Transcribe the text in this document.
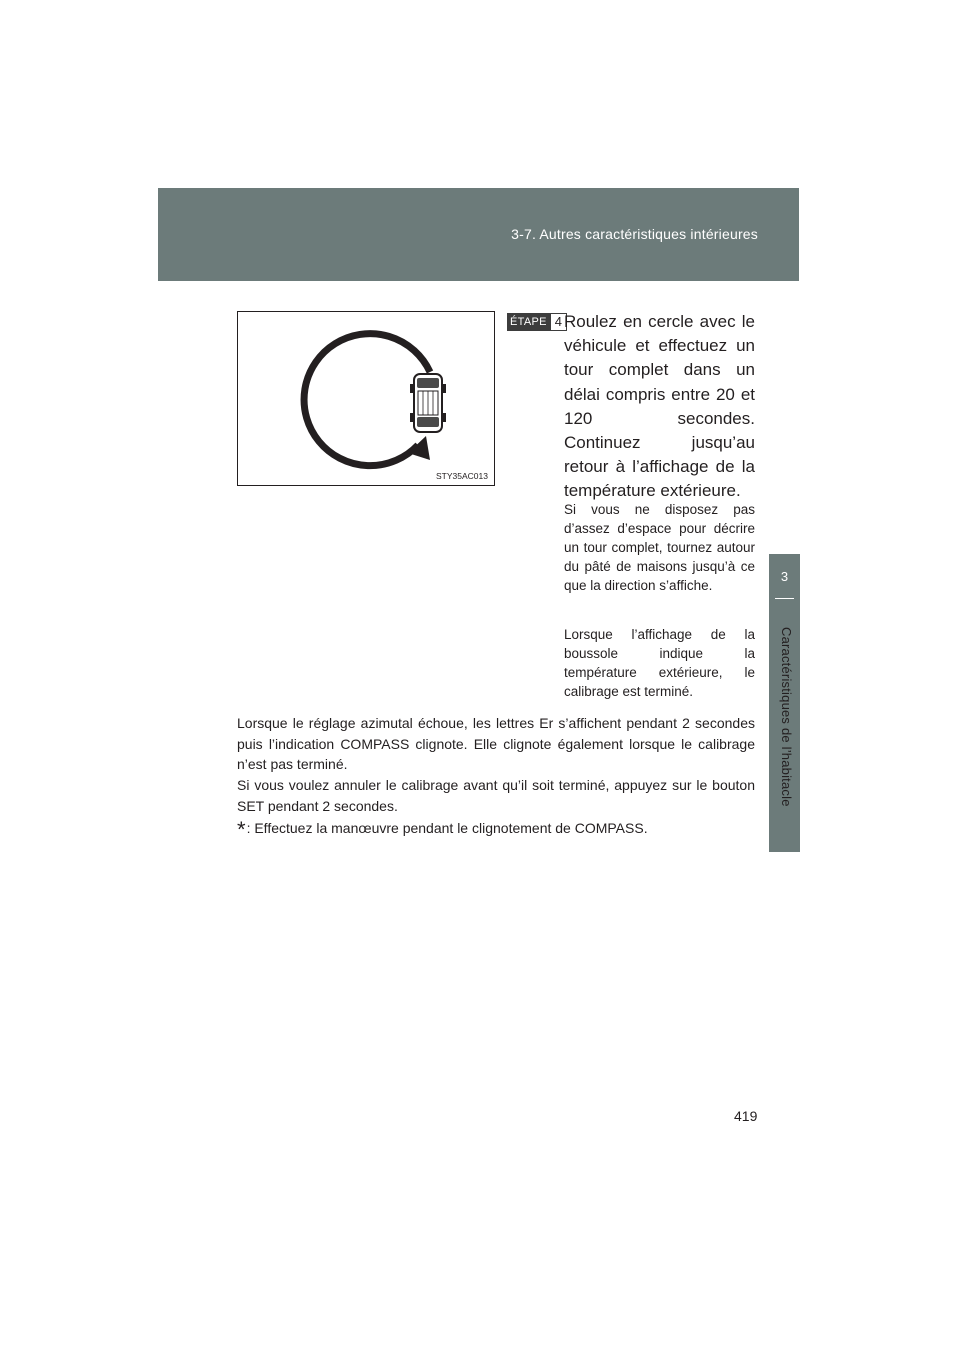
3-7. Autres caractéristiques intérieures
3
Caractéristiques de l’habitacle
STY35AC013
ÉTAPE 4 Roulez en cercle avec le véhicule et effectuez un tour complet dans un délai compris entre 20 et 120 secondes. Continuez jusqu’au retour à l’affichage de la température extérieure.

Si vous ne disposez pas d’assez d’espace pour décrire un tour complet, tournez autour du pâté de maisons jusqu’à ce que la direction s’affiche.

Lorsque l’affichage de la boussole indique la température extérieure, le calibrage est terminé.

Lorsque le réglage azimutal échoue, les lettres Er s’affichent pendant 2 secondes puis l’indication COMPASS clignote. Elle clignote également lorsque le calibrage n’est pas terminé.

Si vous voulez annuler le calibrage avant qu’il soit terminé, appuyez sur le bouton SET pendant 2 secondes.

*: Effectuez la manœuvre pendant le clignotement de COMPASS.

419
